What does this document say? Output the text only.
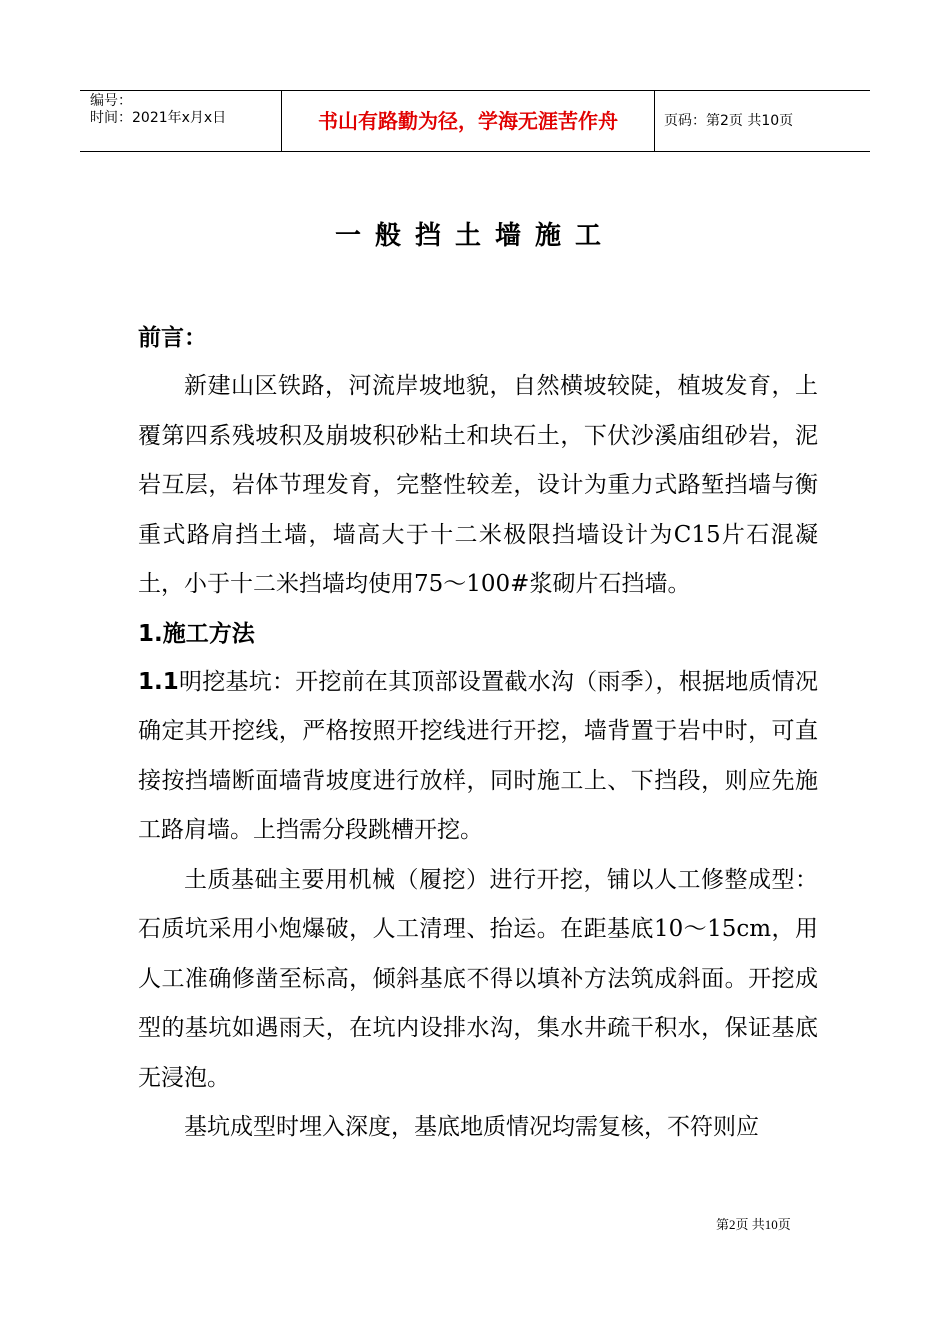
编号：
时间：2021年x月x日	书山有路勤为径，学海无涯苦作舟	页码：第2页 共10页
一般挡土墙施工
前言：

新建山区铁路，河流岸坡地貌，自然横坡较陡，植坡发育，上覆第四系残坡积及崩坡积砂粘土和块石土，下伏沙溪庙组砂岩，泥岩互层，岩体节理发育，完整性较差，设计为重力式路堑挡墙与衡重式路肩挡土墙，墙高大于十二米极限挡墙设计为C15片石混凝土，小于十二米挡墙均使用75～100#浆砌片石挡墙。

1.施工方法

1.1明挖基坑：开挖前在其顶部设置截水沟（雨季），根据地质情况确定其开挖线，严格按照开挖线进行开挖，墙背置于岩中时，可直接按挡墙断面墙背坡度进行放样，同时施工上、下挡段，则应先施工路肩墙。上挡需分段跳槽开挖。

土质基础主要用机械（履挖）进行开挖，铺以人工修整成型：石质坑采用小炮爆破，人工清理、抬运。在距基底10～15cm，用人工准确修凿至标高，倾斜基底不得以填补方法筑成斜面。开挖成型的基坑如遇雨天，在坑内设排水沟，集水井疏干积水，保证基底无浸泡。

基坑成型时埋入深度，基底地质情况均需复核，不符则应

第2页 共10页
